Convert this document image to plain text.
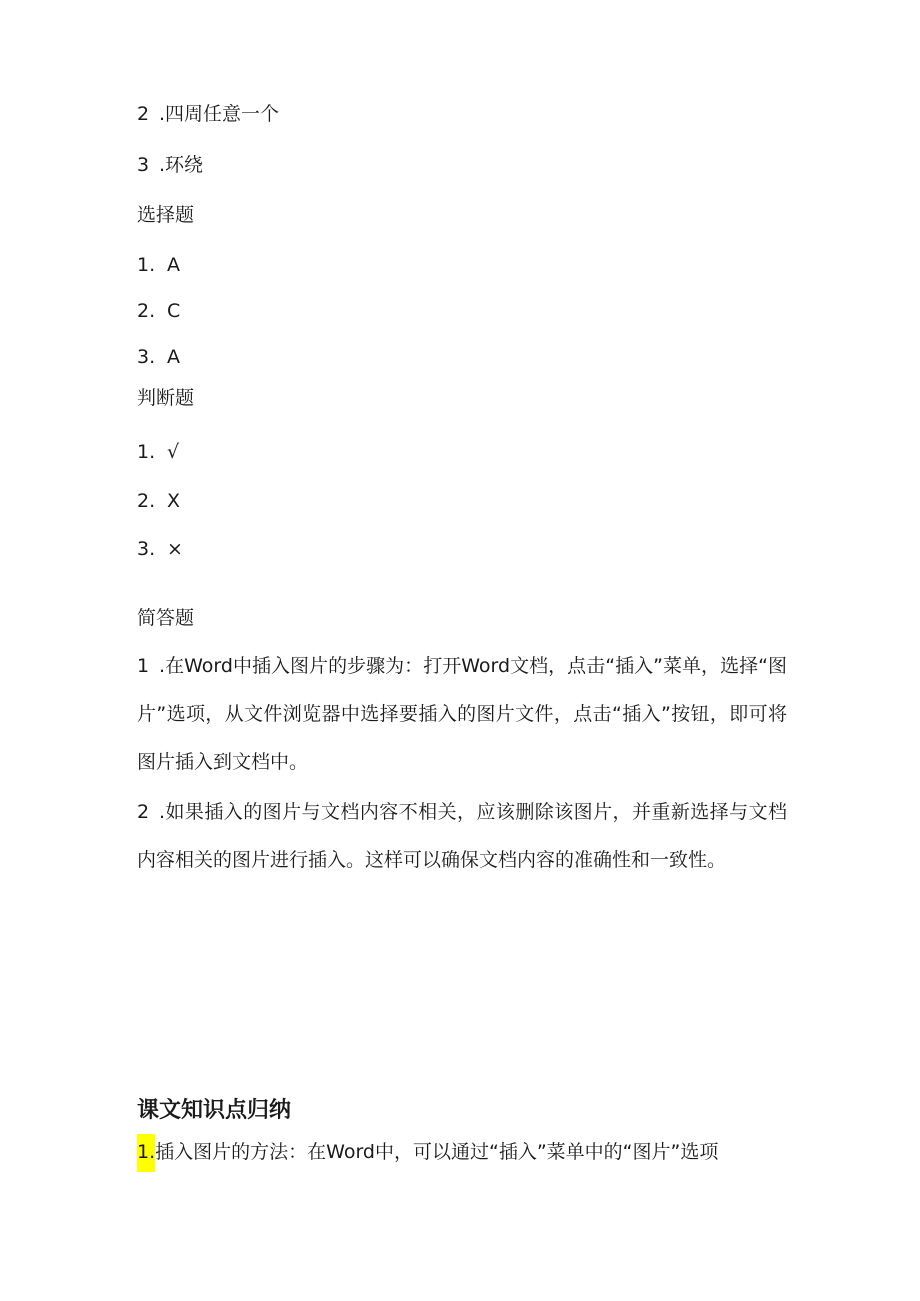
2 .四周任意一个
3 .环绕
选择题
1. A
2. C
3. A
判断题
1. √
2. X
3. ×
简答题
1 .在Word中插入图片的步骤为：打开Word文档，点击“插入”菜单，选择“图片”选项，从文件浏览器中选择要插入的图片文件，点击“插入”按钮，即可将图片插入到文档中。
2 .如果插入的图片与文档内容不相关，应该删除该图片，并重新选择与文档内容相关的图片进行插入。这样可以确保文档内容的准确性和一致性。
课文知识点归纳
1.插入图片的方法：在Word中，可以通过“插入”菜单中的“图片”选项
